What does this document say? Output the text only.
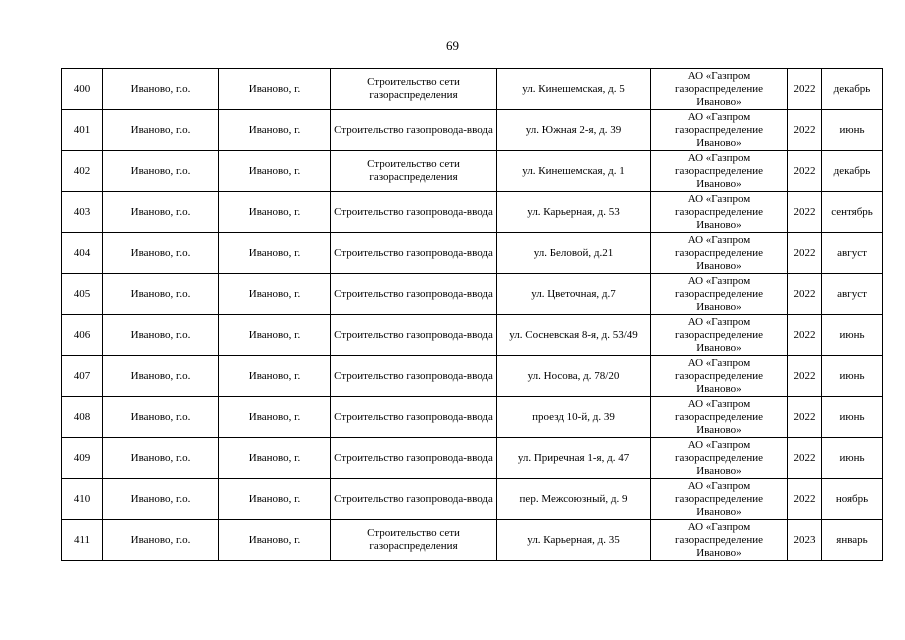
69
400	Иваново, г.о.	Иваново, г.	Строительство сети газораспределения	ул. Кинешемская, д. 5	АО «Газпром
газораспределение
Иваново»	2022	декабрь
401	Иваново, г.о.	Иваново, г.	Строительство газопровода-ввода	ул. Южная 2-я, д. 39	АО «Газпром
газораспределение
Иваново»	2022	июнь
402	Иваново, г.о.	Иваново, г.	Строительство сети газораспределения	ул. Кинешемская, д. 1	АО «Газпром
газораспределение
Иваново»	2022	декабрь
403	Иваново, г.о.	Иваново, г.	Строительство газопровода-ввода	ул. Карьерная, д. 53	АО «Газпром
газораспределение
Иваново»	2022	сентябрь
404	Иваново, г.о.	Иваново, г.	Строительство газопровода-ввода	ул. Беловой, д.21	АО «Газпром
газораспределение
Иваново»	2022	август
405	Иваново, г.о.	Иваново, г.	Строительство газопровода-ввода	ул. Цветочная, д.7	АО «Газпром
газораспределение
Иваново»	2022	август
406	Иваново, г.о.	Иваново, г.	Строительство газопровода-ввода	ул. Сосневская 8-я, д. 53/49	АО «Газпром
газораспределение
Иваново»	2022	июнь
407	Иваново, г.о.	Иваново, г.	Строительство газопровода-ввода	ул. Носова, д. 78/20	АО «Газпром
газораспределение
Иваново»	2022	июнь
408	Иваново, г.о.	Иваново, г.	Строительство газопровода-ввода	проезд 10-й, д. 39	АО «Газпром
газораспределение
Иваново»	2022	июнь
409	Иваново, г.о.	Иваново, г.	Строительство газопровода-ввода	ул. Приречная 1-я, д. 47	АО «Газпром
газораспределение
Иваново»	2022	июнь
410	Иваново, г.о.	Иваново, г.	Строительство газопровода-ввода	пер. Межсоюзный, д. 9	АО «Газпром
газораспределение
Иваново»	2022	ноябрь
411	Иваново, г.о.	Иваново, г.	Строительство сети газораспределения	ул. Карьерная, д. 35	АО «Газпром
газораспределение
Иваново»	2023	январь
